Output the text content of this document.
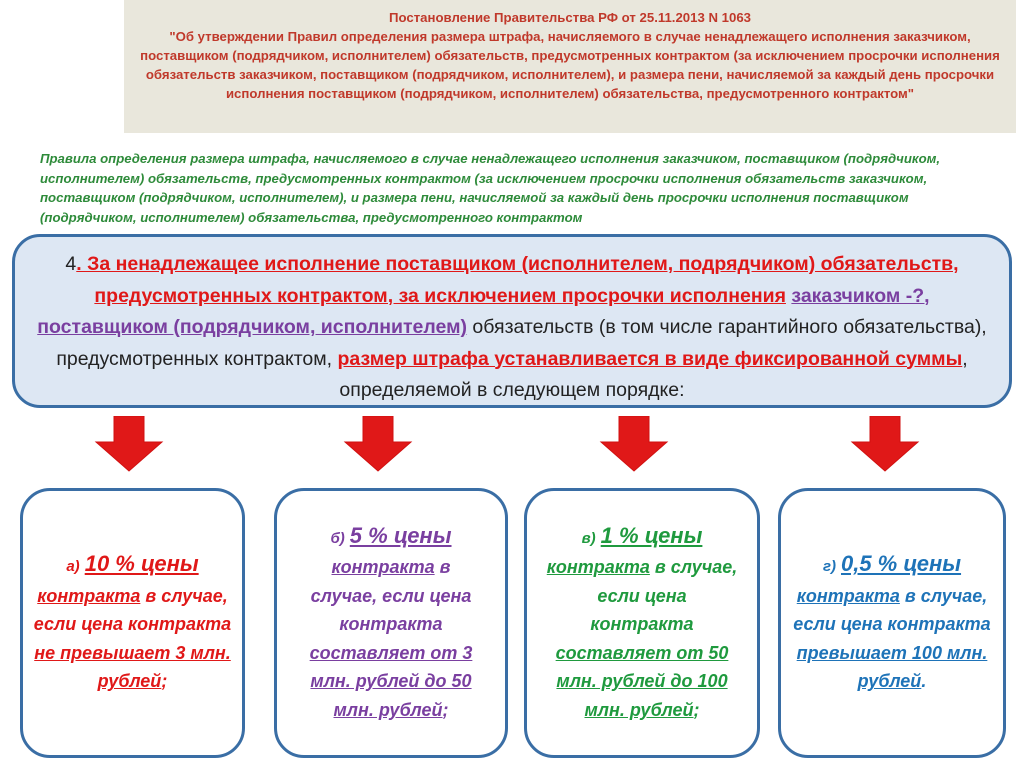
Постановление Правительства РФ от 25.11.2013 N 1063
"Об утверждении Правил определения размера штрафа, начисляемого в случае ненадлежащего исполнения заказчиком, поставщиком (подрядчиком, исполнителем) обязательств, предусмотренных контрактом (за исключением просрочки исполнения обязательств заказчиком, поставщиком (подрядчиком, исполнителем), и размера пени, начисляемой за каждый день просрочки исполнения поставщиком (подрядчиком, исполнителем) обязательства, предусмотренного контрактом"
Правила определения размера штрафа, начисляемого в случае ненадлежащего исполнения заказчиком, поставщиком (подрядчиком, исполнителем) обязательств, предусмотренных контрактом (за исключением просрочки исполнения обязательств заказчиком, поставщиком (подрядчиком, исполнителем), и размера пени, начисляемой за каждый день просрочки исполнения поставщиком (подрядчиком, исполнителем) обязательства, предусмотренного контрактом
4. За ненадлежащее исполнение поставщиком (исполнителем, подрядчиком) обязательств, предусмотренных контрактом, за исключением просрочки исполнения заказчиком -?, поставщиком (подрядчиком, исполнителем) обязательств (в том числе гарантийного обязательства), предусмотренных контрактом, размер штрафа устанавливается в виде фиксированной суммы, определяемой в следующем порядке:
а) 10 % цены
контракта в случае, если цена контракта не превышает 3 млн. рублей;
б) 5 % цены
контракта в случае, если цена контракта составляет от 3 млн. рублей до 50 млн. рублей;
в) 1 % цены
контракта в случае, если цена контракта составляет от 50 млн. рублей до 100 млн. рублей;
г) 0,5 % цены
контракта в случае, если цена контракта превышает 100 млн. рублей.
